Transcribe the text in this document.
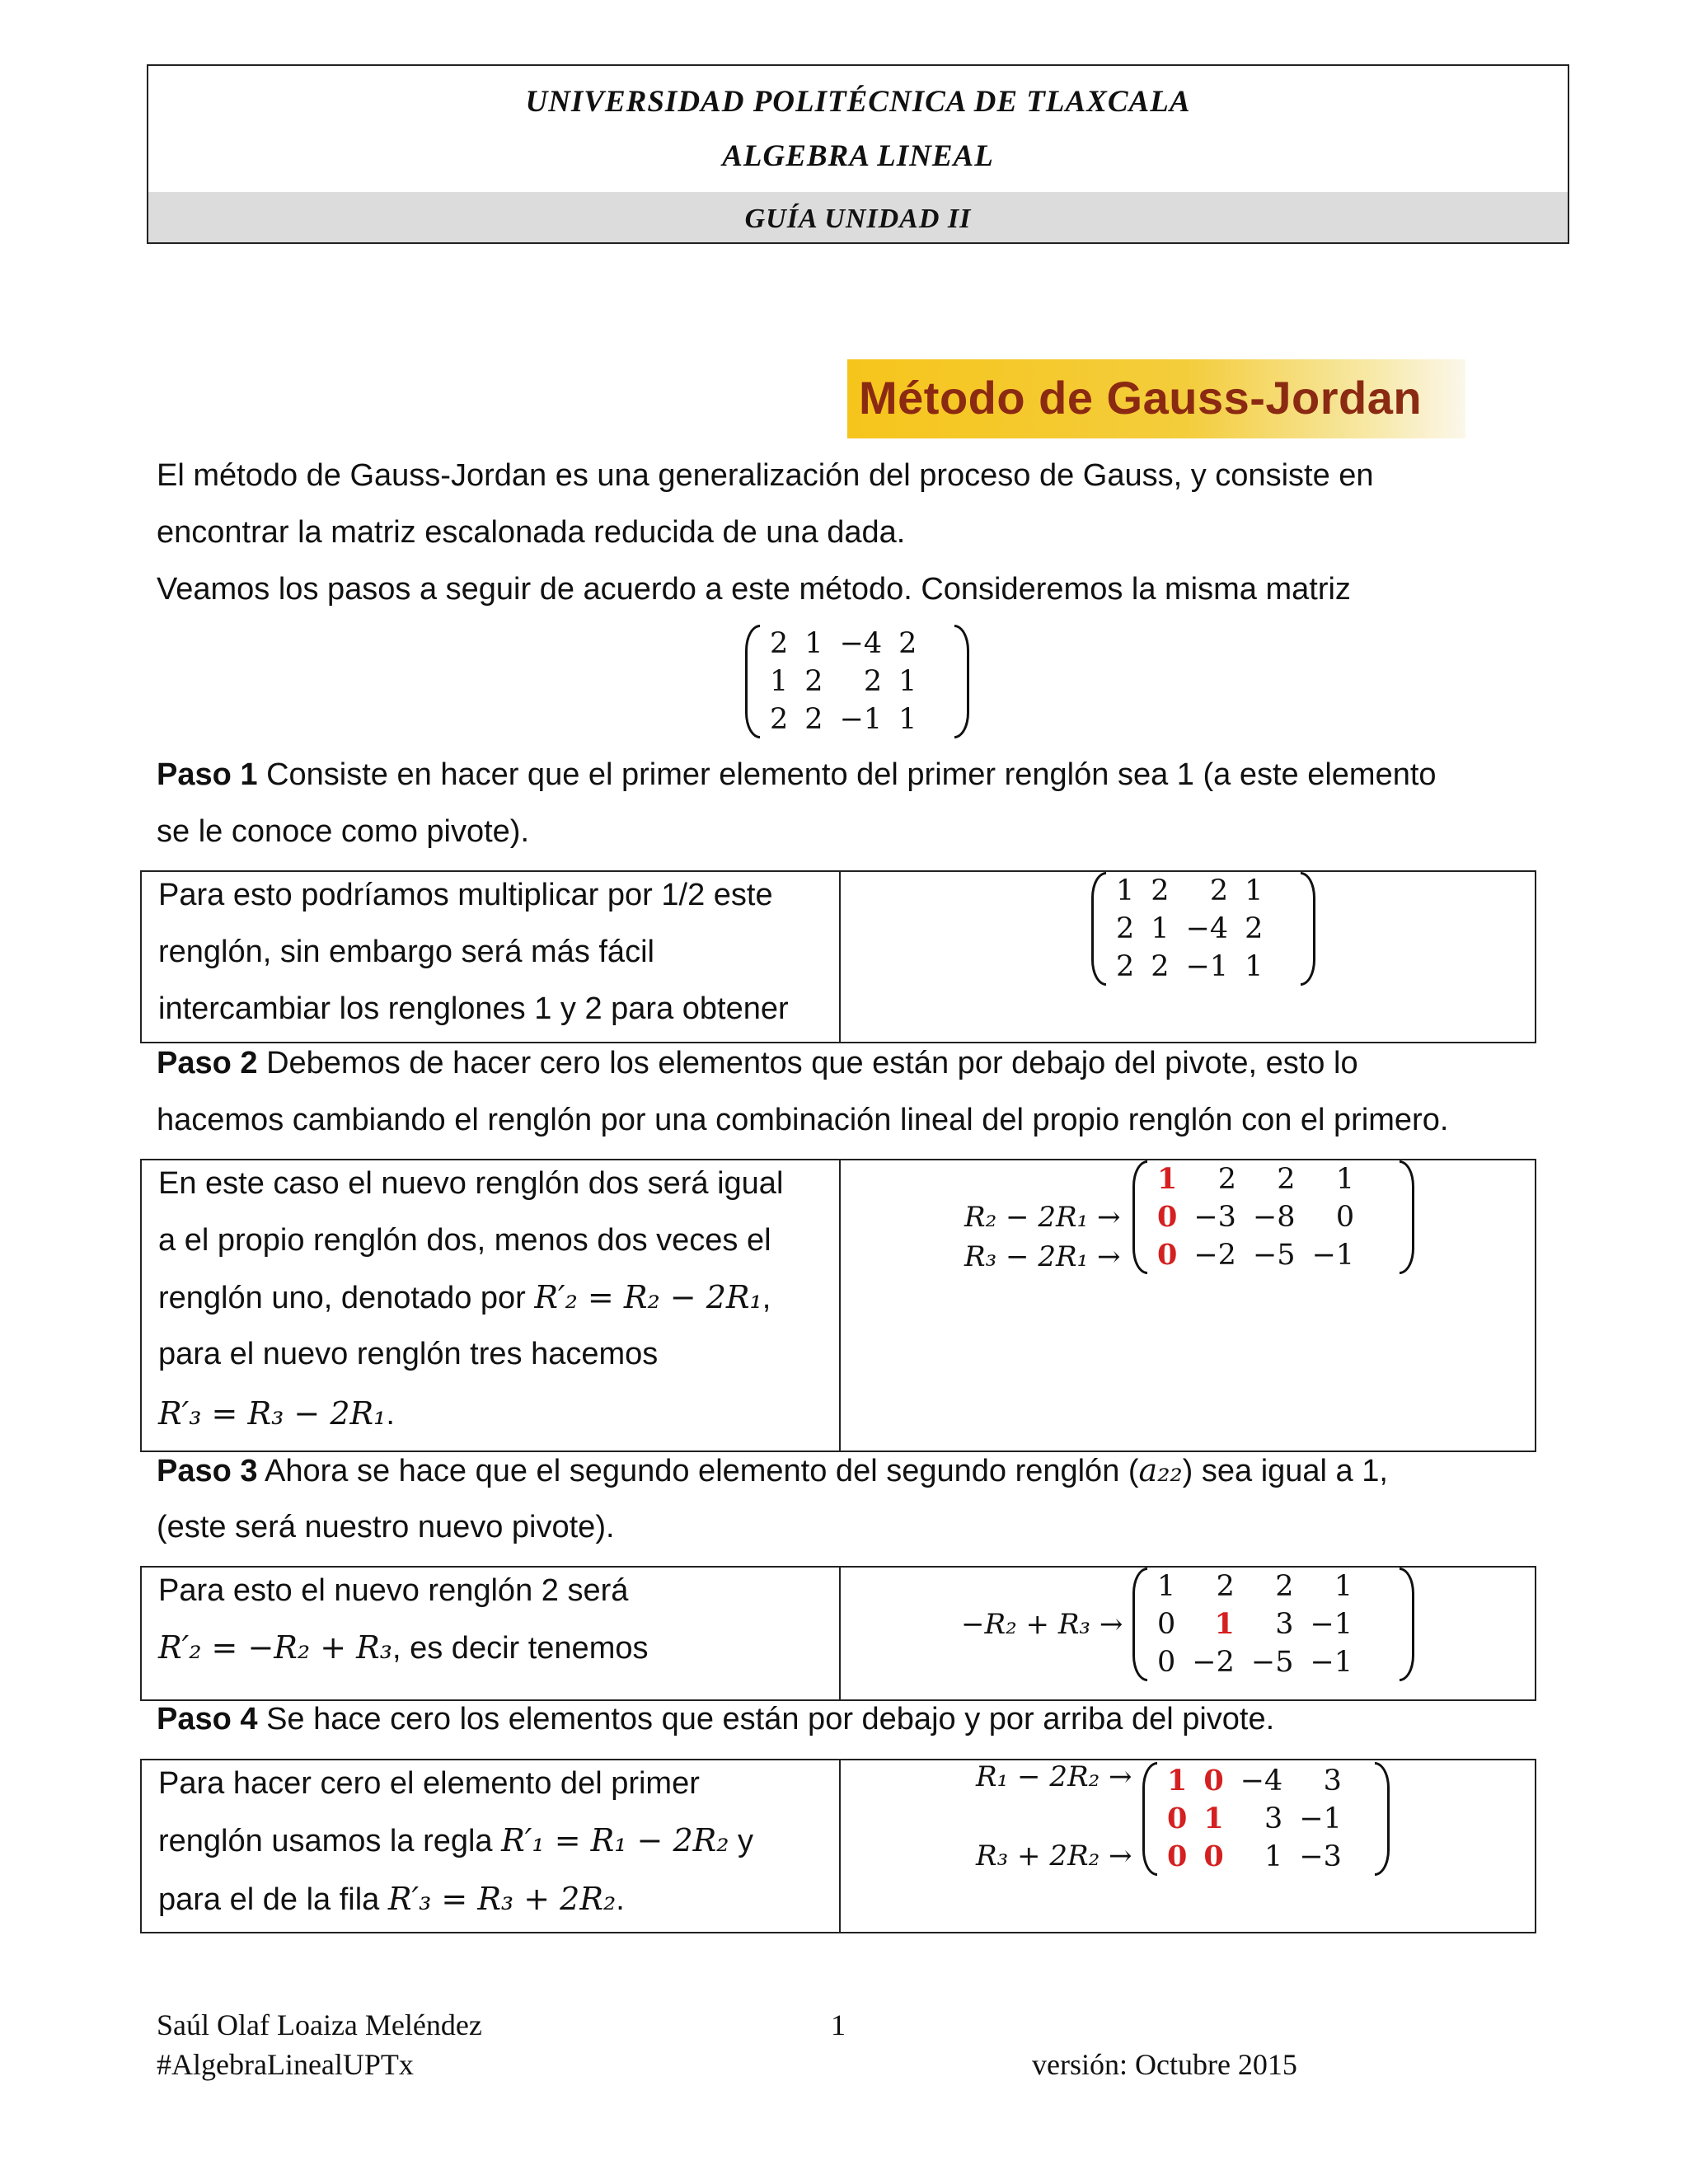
UNIVERSIDAD POLITÉCNICA DE TLAXCALA
ALGEBRA LINEAL
GUÍA UNIDAD II
Método de Gauss-Jordan
El método de Gauss-Jordan es una generalización del proceso de Gauss, y consiste en
encontrar la matriz escalonada reducida de una dada.
Veamos los pasos a seguir de acuerdo a este método. Consideremos la misma matriz
2	1	−4	2
1	2	2	1
2	2	−1	1
Paso 1 Consiste en hacer que el primer elemento del primer renglón sea 1 (a este elemento
se le conoce como pivote).
Para esto podríamos multiplicar por 1/2 este
renglón, sin embargo será más fácil
intercambiar los renglones 1 y 2 para obtener
1	2	2	1
2	1	−4	2
2	2	−1	1
Paso 2 Debemos de hacer cero los elementos que están por debajo del pivote, esto lo
hacemos cambiando el renglón por una combinación lineal del propio renglón con el primero.
En este caso el nuevo renglón dos será igual
a el propio renglón dos, menos dos veces el
renglón uno, denotado por R′₂ = R₂ − 2R₁,
para el nuevo renglón tres hacemos
R′₃ = R₃ − 2R₁.
R₂ − 2R₁ →
R₃ − 2R₁ →
1	2	2	1
0	−3	−8	0
0	−2	−5	−1
Paso 3 Ahora se hace que el segundo elemento del segundo renglón (a₂₂) sea igual a 1,
(este será nuestro nuevo pivote).
Para esto el nuevo renglón 2 será
R′₂ = −R₂ + R₃, es decir tenemos
−R₂ + R₃ →
1	2	2	1
0	1	3	−1
0	−2	−5	−1
Paso 4 Se hace cero los elementos que están por debajo y por arriba del pivote.
Para hacer cero el elemento del primer
renglón usamos la regla R′₁ = R₁ − 2R₂ y
para el de la fila R′₃ = R₃ + 2R₂.
R₁ − 2R₂ →
R₃ + 2R₂ →
1	0	−4	3
0	1	3	−1
0	0	1	−3
Saúl Olaf Loaiza Meléndez	1
#AlgebraLinealUPTx	versión: Octubre 2015
